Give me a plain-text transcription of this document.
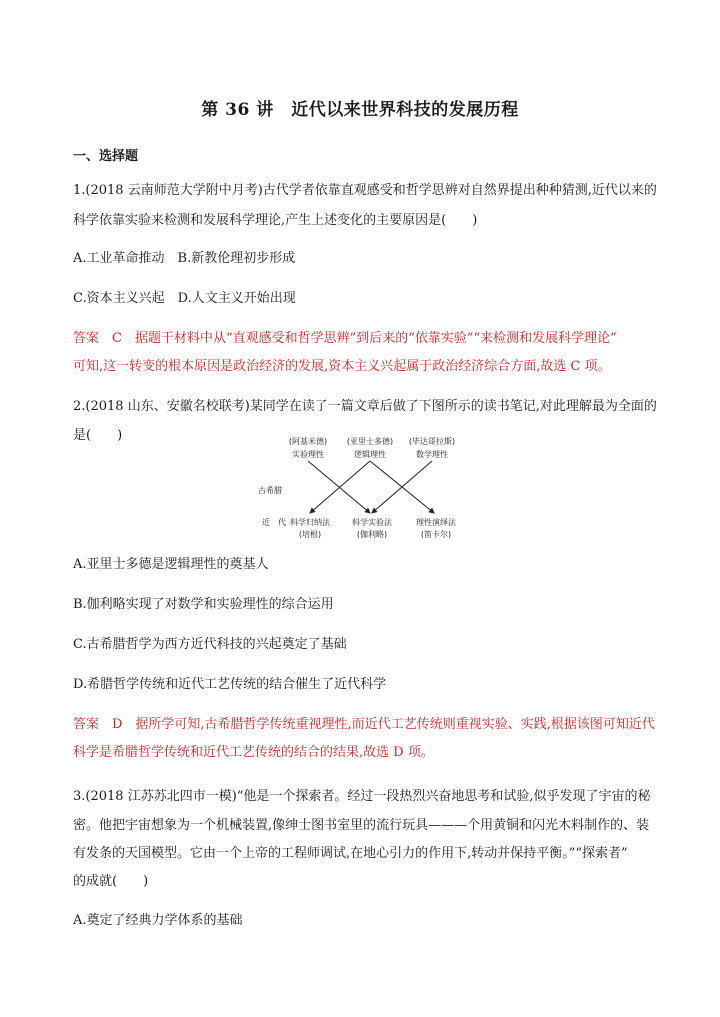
第 36 讲　近代以来世界科技的发展历程
一、选择题
1.(2018 云南师范大学附中月考)古代学者依靠直观感受和哲学思辨对自然界提出种种猜测,近代以来的
科学依靠实验来检测和发展科学理论,产生上述变化的主要原因是(　　)
A.工业革命推动　B.新教伦理初步形成
C.资本主义兴起　D.人文主义开始出现
答案　C　据题干材料中从“直观感受和哲学思辨”到后来的“依靠实验”“来检测和发展科学理论”
可知,这一转变的根本原因是政治经济的发展,资本主义兴起属于政治经济综合方面,故选 C 项。
2.(2018 山东、安徽名校联考)某同学在读了一篇文章后做了下图所示的读书笔记,对此理解最为全面的
是(　　)
古希腊
近　代
(阿基米德)
实验理性
(亚里士多德)
逻辑理性
(毕达哥拉斯)
数学理性
科学归纳法
(培根)
科学实验法
(伽利略)
理性演绎法
(笛卡尔)
A.亚里士多德是逻辑理性的奠基人
B.伽利略实现了对数学和实验理性的综合运用
C.古希腊哲学为西方近代科技的兴起奠定了基础
D.希腊哲学传统和近代工艺传统的结合催生了近代科学
答案　D　据所学可知,古希腊哲学传统重视理性,而近代工艺传统则重视实验、实践,根据该图可知近代
科学是希腊哲学传统和近代工艺传统的结合的结果,故选 D 项。
3.(2018 江苏苏北四市一模)“他是一个探索者。经过一段热烈兴奋地思考和试验,似乎发现了宇宙的秘
密。他把宇宙想象为一个机械装置,像绅士图书室里的流行玩具———个用黄铜和闪光木料制作的、装
有发条的天国模型。它由一个上帝的工程师调试,在地心引力的作用下,转动并保持平衡。”“探索者”
的成就(　　)
A.奠定了经典力学体系的基础
